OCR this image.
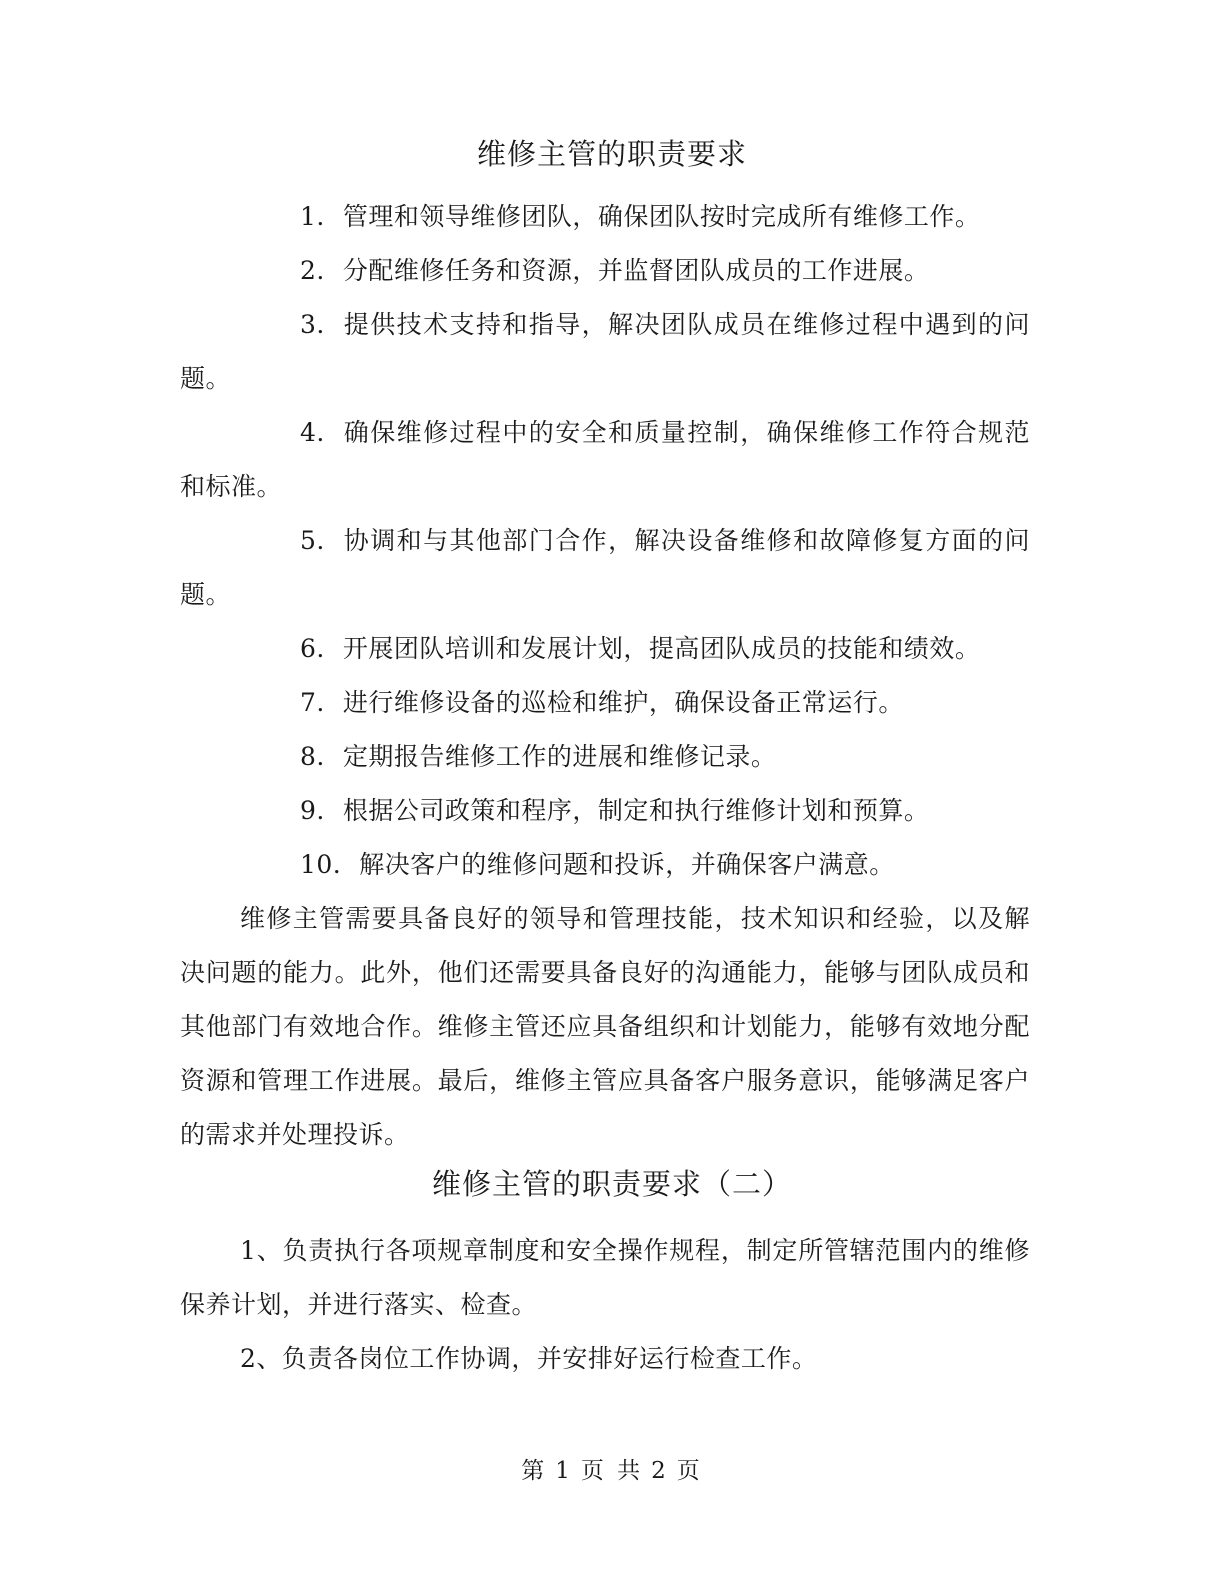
维修主管的职责要求

1. 管理和领导维修团队，确保团队按时完成所有维修工作。

2. 分配维修任务和资源，并监督团队成员的工作进展。

3. 提供技术支持和指导，解决团队成员在维修过程中遇到的问题。

4. 确保维修过程中的安全和质量控制，确保维修工作符合规范和标准。

5. 协调和与其他部门合作，解决设备维修和故障修复方面的问题。

6. 开展团队培训和发展计划，提高团队成员的技能和绩效。

7. 进行维修设备的巡检和维护，确保设备正常运行。

8. 定期报告维修工作的进展和维修记录。

9. 根据公司政策和程序，制定和执行维修计划和预算。

10. 解决客户的维修问题和投诉，并确保客户满意。

维修主管需要具备良好的领导和管理技能，技术知识和经验，以及解决问题的能力。此外，他们还需要具备良好的沟通能力，能够与团队成员和其他部门有效地合作。维修主管还应具备组织和计划能力，能够有效地分配资源和管理工作进展。最后，维修主管应具备客户服务意识，能够满足客户的需求并处理投诉。

维修主管的职责要求（二）

1、负责执行各项规章制度和安全操作规程，制定所管辖范围内的维修保养计划，并进行落实、检查。

2、负责各岗位工作协调，并安排好运行检查工作。

第 1 页 共 2 页
